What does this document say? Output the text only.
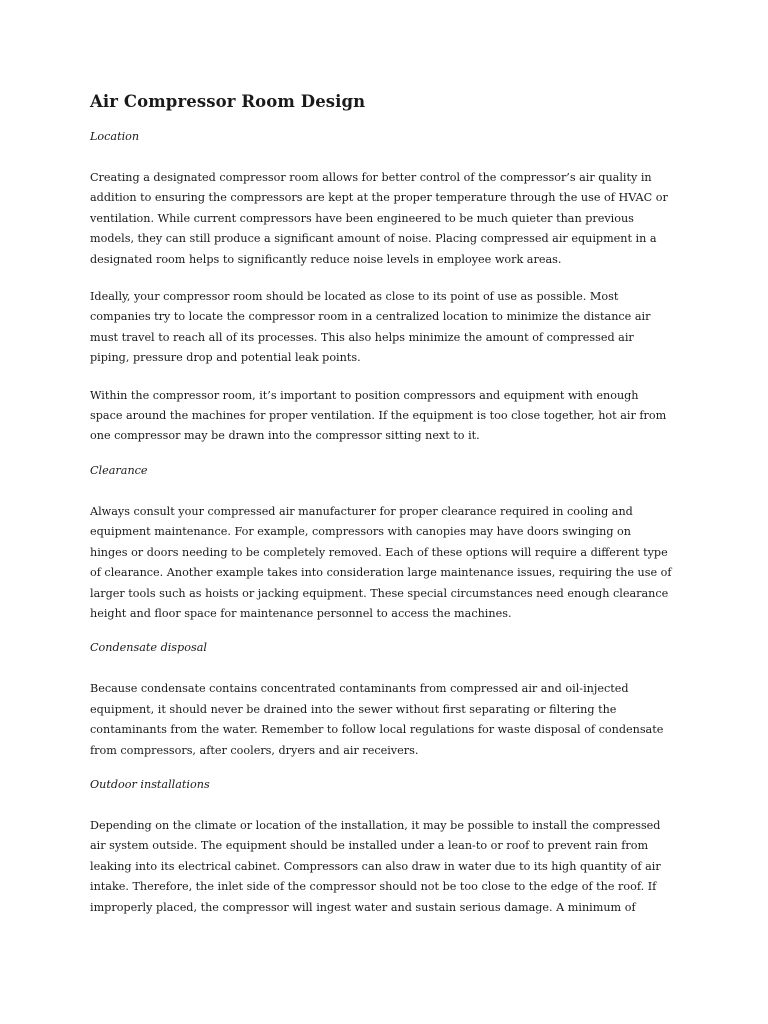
Air Compressor Room Design
Location

Creating a designated compressor room allows for better control of the compressor’s air quality in
addition to ensuring the compressors are kept at the proper temperature through the use of HVAC or
ventilation. While current compressors have been engineered to be much quieter than previous
models, they can still produce a significant amount of noise. Placing compressed air equipment in a
designated room helps to significantly reduce noise levels in employee work areas.

Ideally, your compressor room should be located as close to its point of use as possible. Most
companies try to locate the compressor room in a centralized location to minimize the distance air
must travel to reach all of its processes. This also helps minimize the amount of compressed air
piping, pressure drop and potential leak points.

Within the compressor room, it’s important to position compressors and equipment with enough
space around the machines for proper ventilation. If the equipment is too close together, hot air from
one compressor may be drawn into the compressor sitting next to it.

Clearance

Always consult your compressed air manufacturer for proper clearance required in cooling and
equipment maintenance. For example, compressors with canopies may have doors swinging on
hinges or doors needing to be completely removed. Each of these options will require a different type
of clearance. Another example takes into consideration large maintenance issues, requiring the use of
larger tools such as hoists or jacking equipment. These special circumstances need enough clearance
height and floor space for maintenance personnel to access the machines.

Condensate disposal

Because condensate contains concentrated contaminants from compressed air and oil-injected
equipment, it should never be drained into the sewer without first separating or filtering the
contaminants from the water. Remember to follow local regulations for waste disposal of condensate
from compressors, after coolers, dryers and air receivers.

Outdoor installations

Depending on the climate or location of the installation, it may be possible to install the compressed
air system outside. The equipment should be installed under a lean-to or roof to prevent rain from
leaking into its electrical cabinet. Compressors can also draw in water due to its high quantity of air
intake. Therefore, the inlet side of the compressor should not be too close to the edge of the roof. If
improperly placed, the compressor will ingest water and sustain serious damage. A minimum of
